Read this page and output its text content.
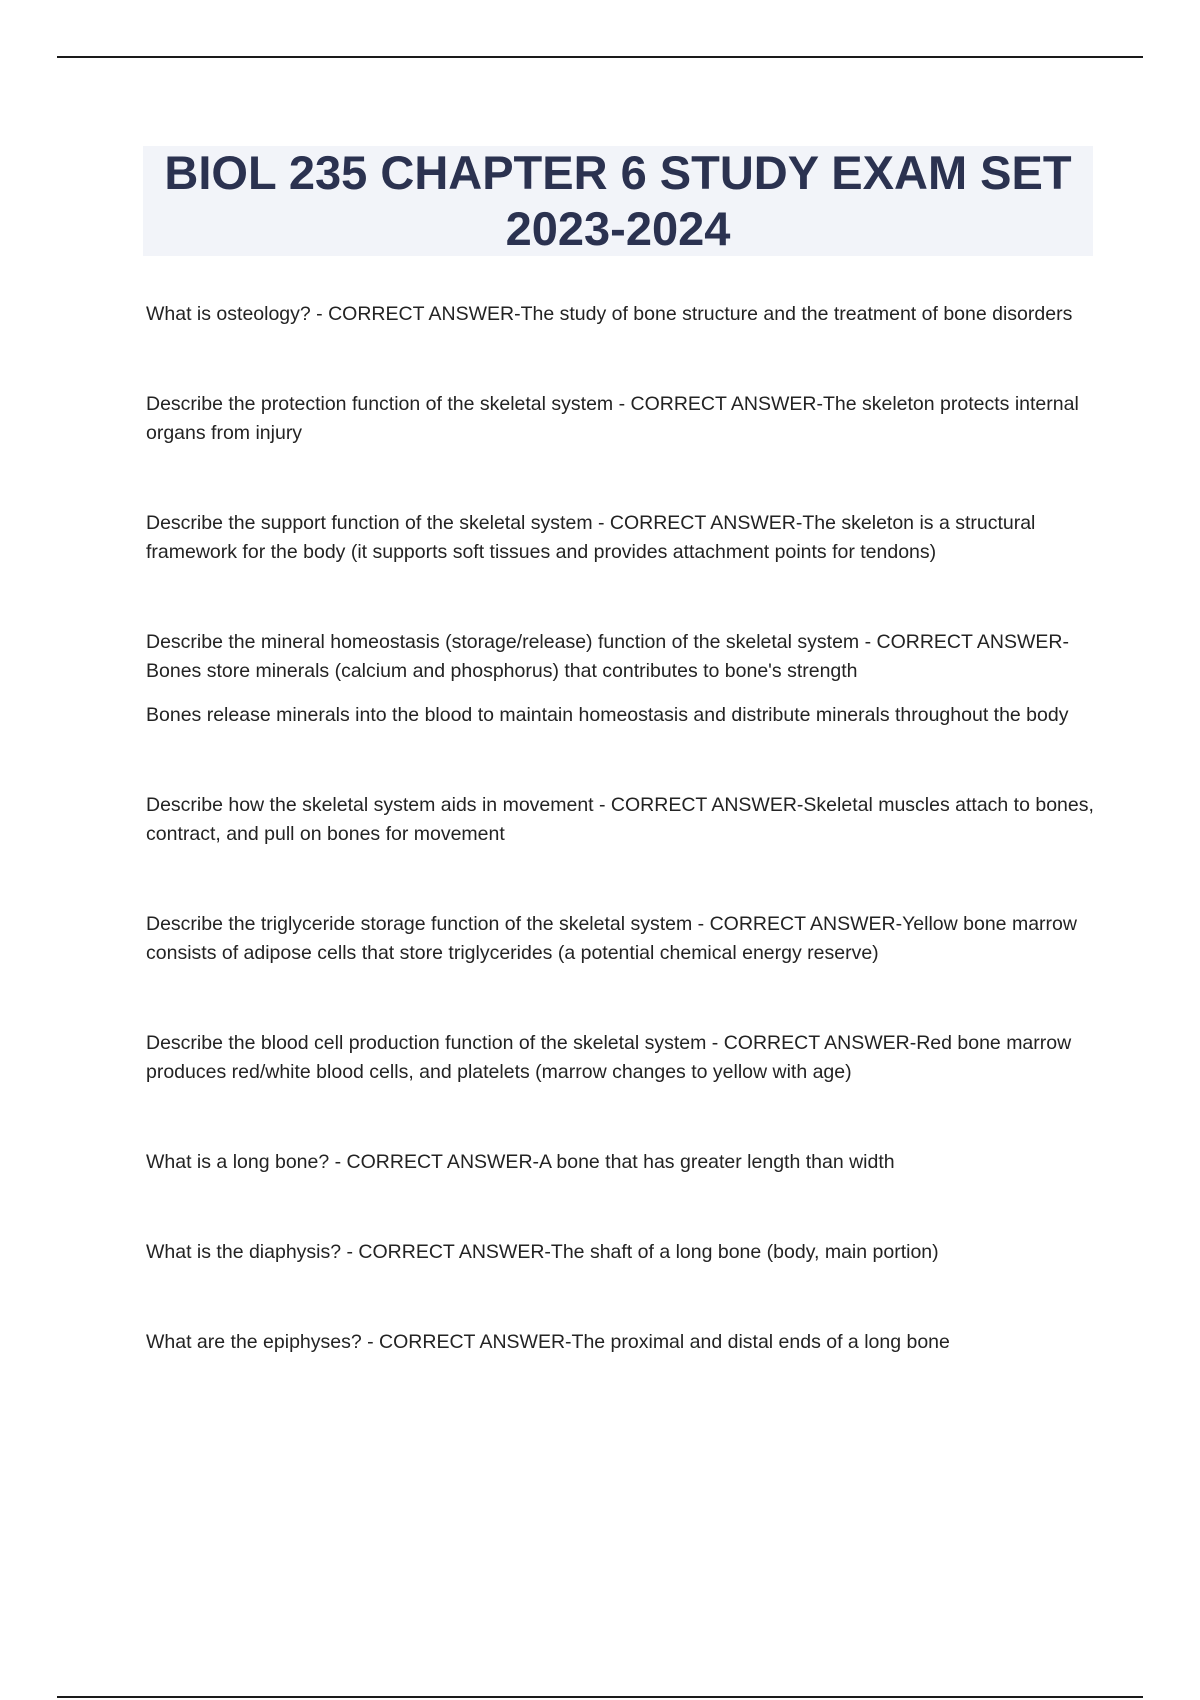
BIOL 235 CHAPTER 6 STUDY EXAM SET
2023-2024

What is osteology? - CORRECT ANSWER-The study of bone structure and the treatment of bone disorders

Describe the protection function of the skeletal system - CORRECT ANSWER-The skeleton protects internal organs from injury

Describe the support function of the skeletal system - CORRECT ANSWER-The skeleton is a structural framework for the body (it supports soft tissues and provides attachment points for tendons)

Describe the mineral homeostasis (storage/release) function of the skeletal system - CORRECT ANSWER-Bones store minerals (calcium and phosphorus) that contributes to bone's strength

Bones release minerals into the blood to maintain homeostasis and distribute minerals throughout the body

Describe how the skeletal system aids in movement - CORRECT ANSWER-Skeletal muscles attach to bones, contract, and pull on bones for movement

Describe the triglyceride storage function of the skeletal system - CORRECT ANSWER-Yellow bone marrow consists of adipose cells that store triglycerides (a potential chemical energy reserve)

Describe the blood cell production function of the skeletal system - CORRECT ANSWER-Red bone marrow produces red/white blood cells, and platelets (marrow changes to yellow with age)

What is a long bone? - CORRECT ANSWER-A bone that has greater length than width

What is the diaphysis? - CORRECT ANSWER-The shaft of a long bone (body, main portion)

What are the epiphyses? - CORRECT ANSWER-The proximal and distal ends of a long bone
